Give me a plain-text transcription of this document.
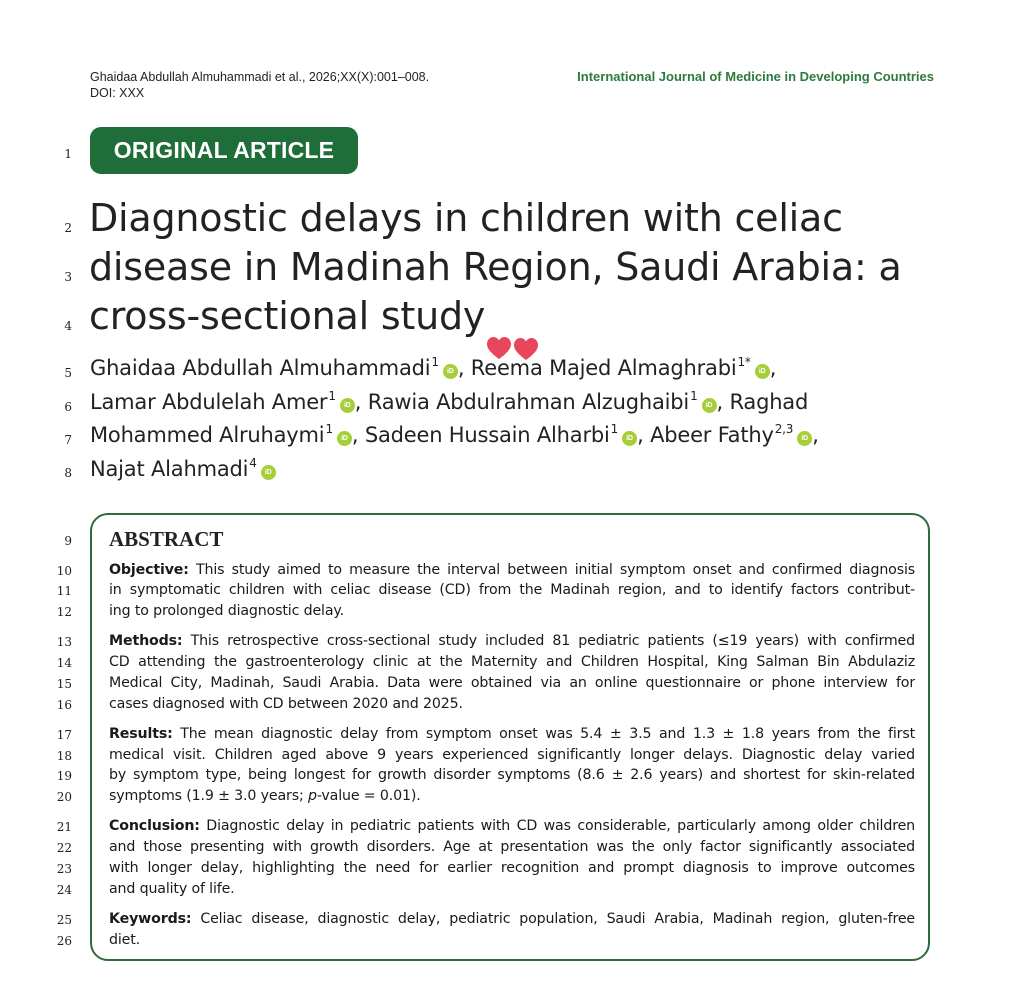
Ghaidaa Abdullah Almuhammadi et al., 2026;XX(X):001–008.
DOI: XXX
International Journal of Medicine in Developing Countries
1
2
3
4
5
6
7
8
9
10
11
12
13
14
15
16
17
18
19
20
21
22
23
24
25
26
ORIGINAL ARTICLE
Diagnostic delays in children with celiac
disease in Madinah Region, Saudi Arabia: a
cross-sectional study
Ghaidaa Abdullah Almuhammadi$^1$iD , Reema Majed Almaghrabi$^{1*}$iD ,
Lamar Abdulelah Amer$^1$iD , Rawia Abdulrahman Alzughaibi$^1$iD , Raghad
Mohammed Alruhaymi$^1$iD , Sadeen Hussain Alharbi$^1$iD , Abeer Fathy$^{2,3}$iD ,
Najat Alahmadi$^4$iD
ABSTRACT
Objective: This study aimed to measure the interval between initial symptom onset and confirmed diagnosis
in symptomatic children with celiac disease (CD) from the Madinah region, and to identify factors contribut-
ing to prolonged diagnostic delay.
Methods: This retrospective cross-sectional study included 81 pediatric patients (≤19 years) with confirmed
CD attending the gastroenterology clinic at the Maternity and Children Hospital, King Salman Bin Abdulaziz
Medical City, Madinah, Saudi Arabia. Data were obtained via an online questionnaire or phone interview for
cases diagnosed with CD between 2020 and 2025.
Results: The mean diagnostic delay from symptom onset was 5.4 ± 3.5 and 1.3 ± 1.8 years from the first
medical visit. Children aged above 9 years experienced significantly longer delays. Diagnostic delay varied
by symptom type, being longest for growth disorder symptoms (8.6 ± 2.6 years) and shortest for skin-related
symptoms (1.9 ± 3.0 years; p-value = 0.01).
Conclusion: Diagnostic delay in pediatric patients with CD was considerable, particularly among older children
and those presenting with growth disorders. Age at presentation was the only factor significantly associated
with longer delay, highlighting the need for earlier recognition and prompt diagnosis to improve outcomes
and quality of life.
Keywords: Celiac disease, diagnostic delay, pediatric population, Saudi Arabia, Madinah region, gluten-free
diet.
